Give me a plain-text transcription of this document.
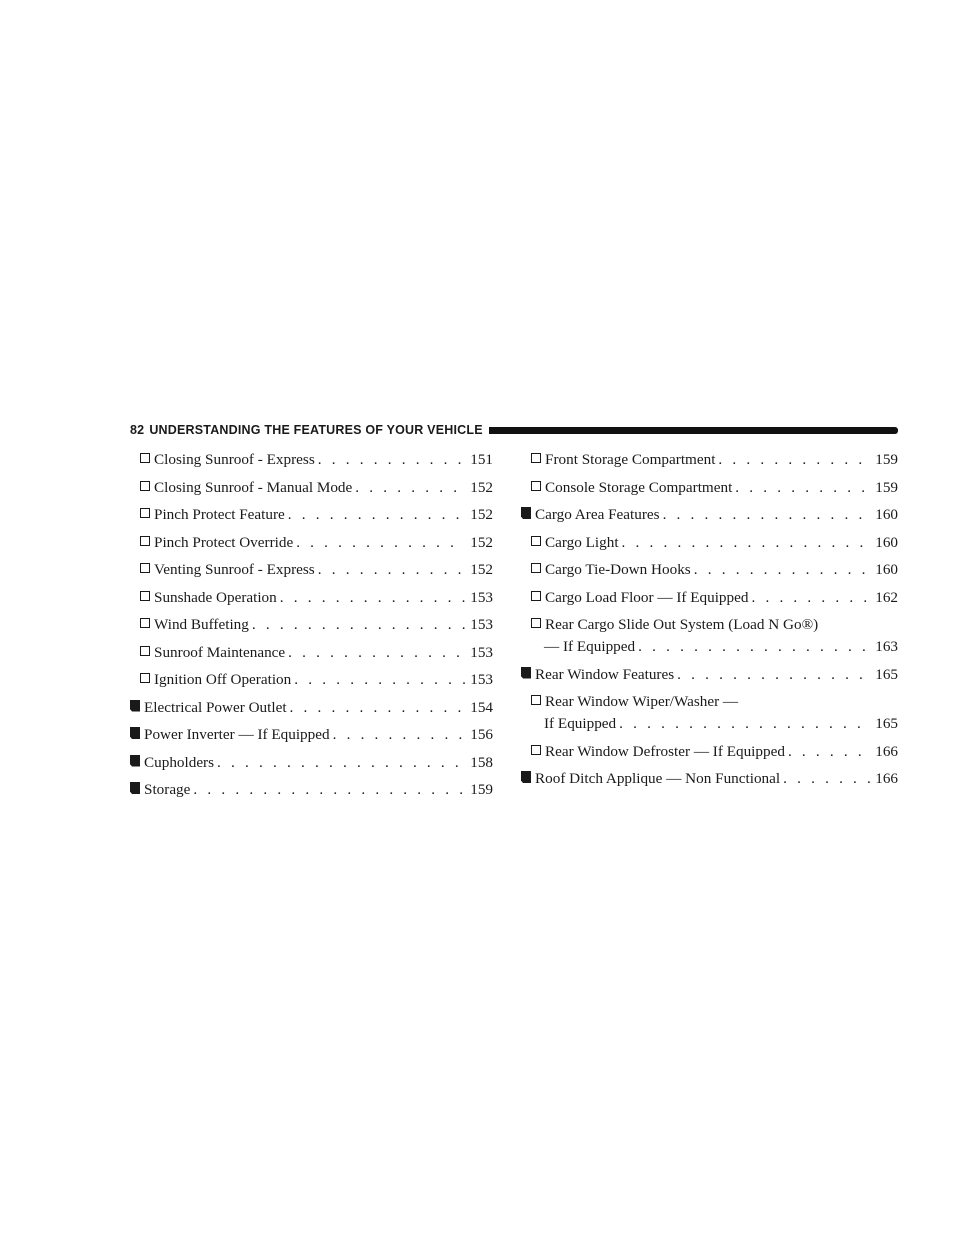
82 UNDERSTANDING THE FEATURES OF YOUR VEHICLE
Closing Sunroof - Express . . .	151
Closing Sunroof - Manual Mode . . .	152
Pinch Protect Feature . . .	152
Pinch Protect Override . . .	152
Venting Sunroof - Express . . .	152
Sunshade Operation . . .	153
Wind Buffeting . . .	153
Sunroof Maintenance . . .	153
Ignition Off Operation . . .	153
Electrical Power Outlet . . .	154
Power Inverter — If Equipped . . .	156
Cupholders . . .	158
Storage . . .	159
Front Storage Compartment . . .	159
Console Storage Compartment . . .	159
Cargo Area Features . . .	160
Cargo Light . . .	160
Cargo Tie-Down Hooks . . .	160
Cargo Load Floor — If Equipped . . .	162
Rear Cargo Slide Out System (Load N Go®)
— If Equipped . . .	163
Rear Window Features . . .	165
Rear Window Wiper/Washer —
If Equipped . . .	165
Rear Window Defroster — If Equipped . . .	166
Roof Ditch Applique — Non Functional . . .	166
